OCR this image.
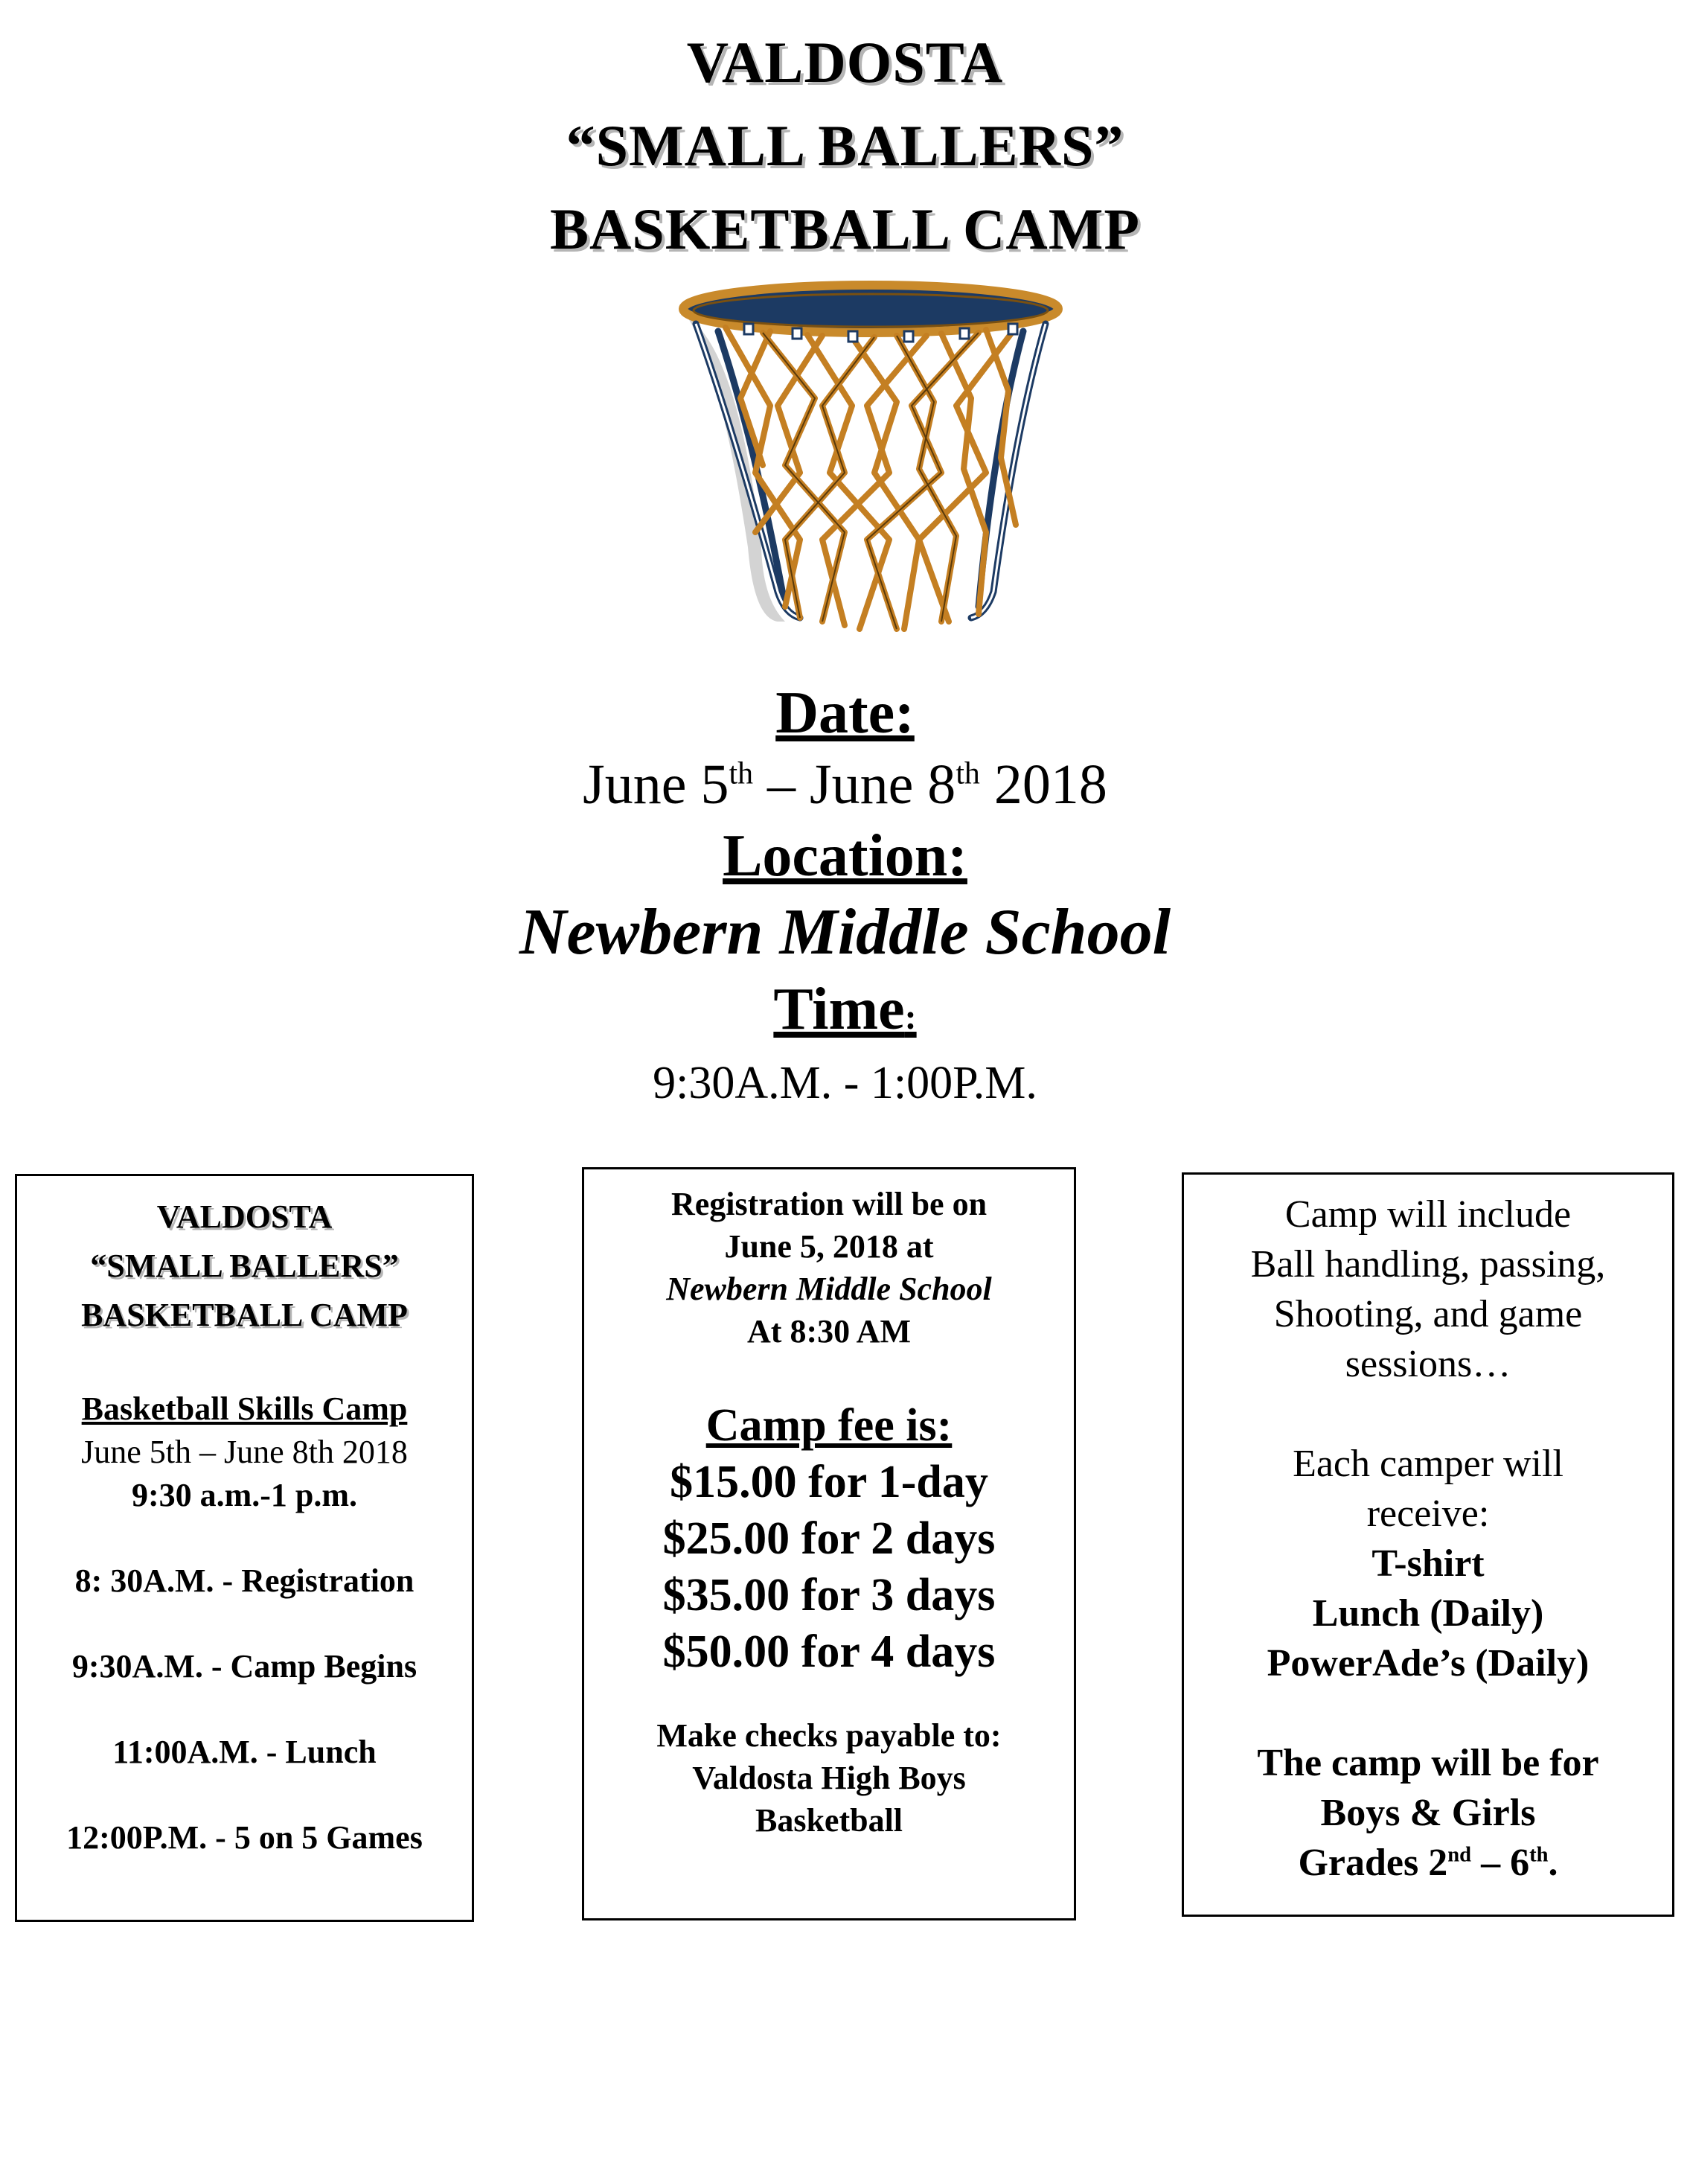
VALDOSTA
“SMALL BALLERS”
BASKETBALL CAMP
Date:
June 5th – June 8th 2018
Location:
Newbern Middle School
Time:
9:30A.M. - 1:00P.M.
VALDOSTA
“SMALL BALLERS”
BASKETBALL CAMP
Basketball Skills Camp
June 5th – June 8th 2018
9:30 a.m.-1 p.m.
8: 30A.M. - Registration
9:30A.M. - Camp Begins
11:00A.M. - Lunch
12:00P.M. - 5 on 5 Games
Registration will be on
June 5, 2018 at
Newbern Middle School
At 8:30 AM
Camp fee is:
$15.00 for 1-day
$25.00 for 2 days
$35.00 for 3 days
$50.00 for 4 days
Make checks payable to:
Valdosta High Boys
Basketball
Camp will include
Ball handling, passing,
Shooting, and game
sessions…
Each camper will
receive:
T-shirt
Lunch (Daily)
PowerAde’s (Daily)
The camp will be for
Boys & Girls
Grades 2nd – 6th.
